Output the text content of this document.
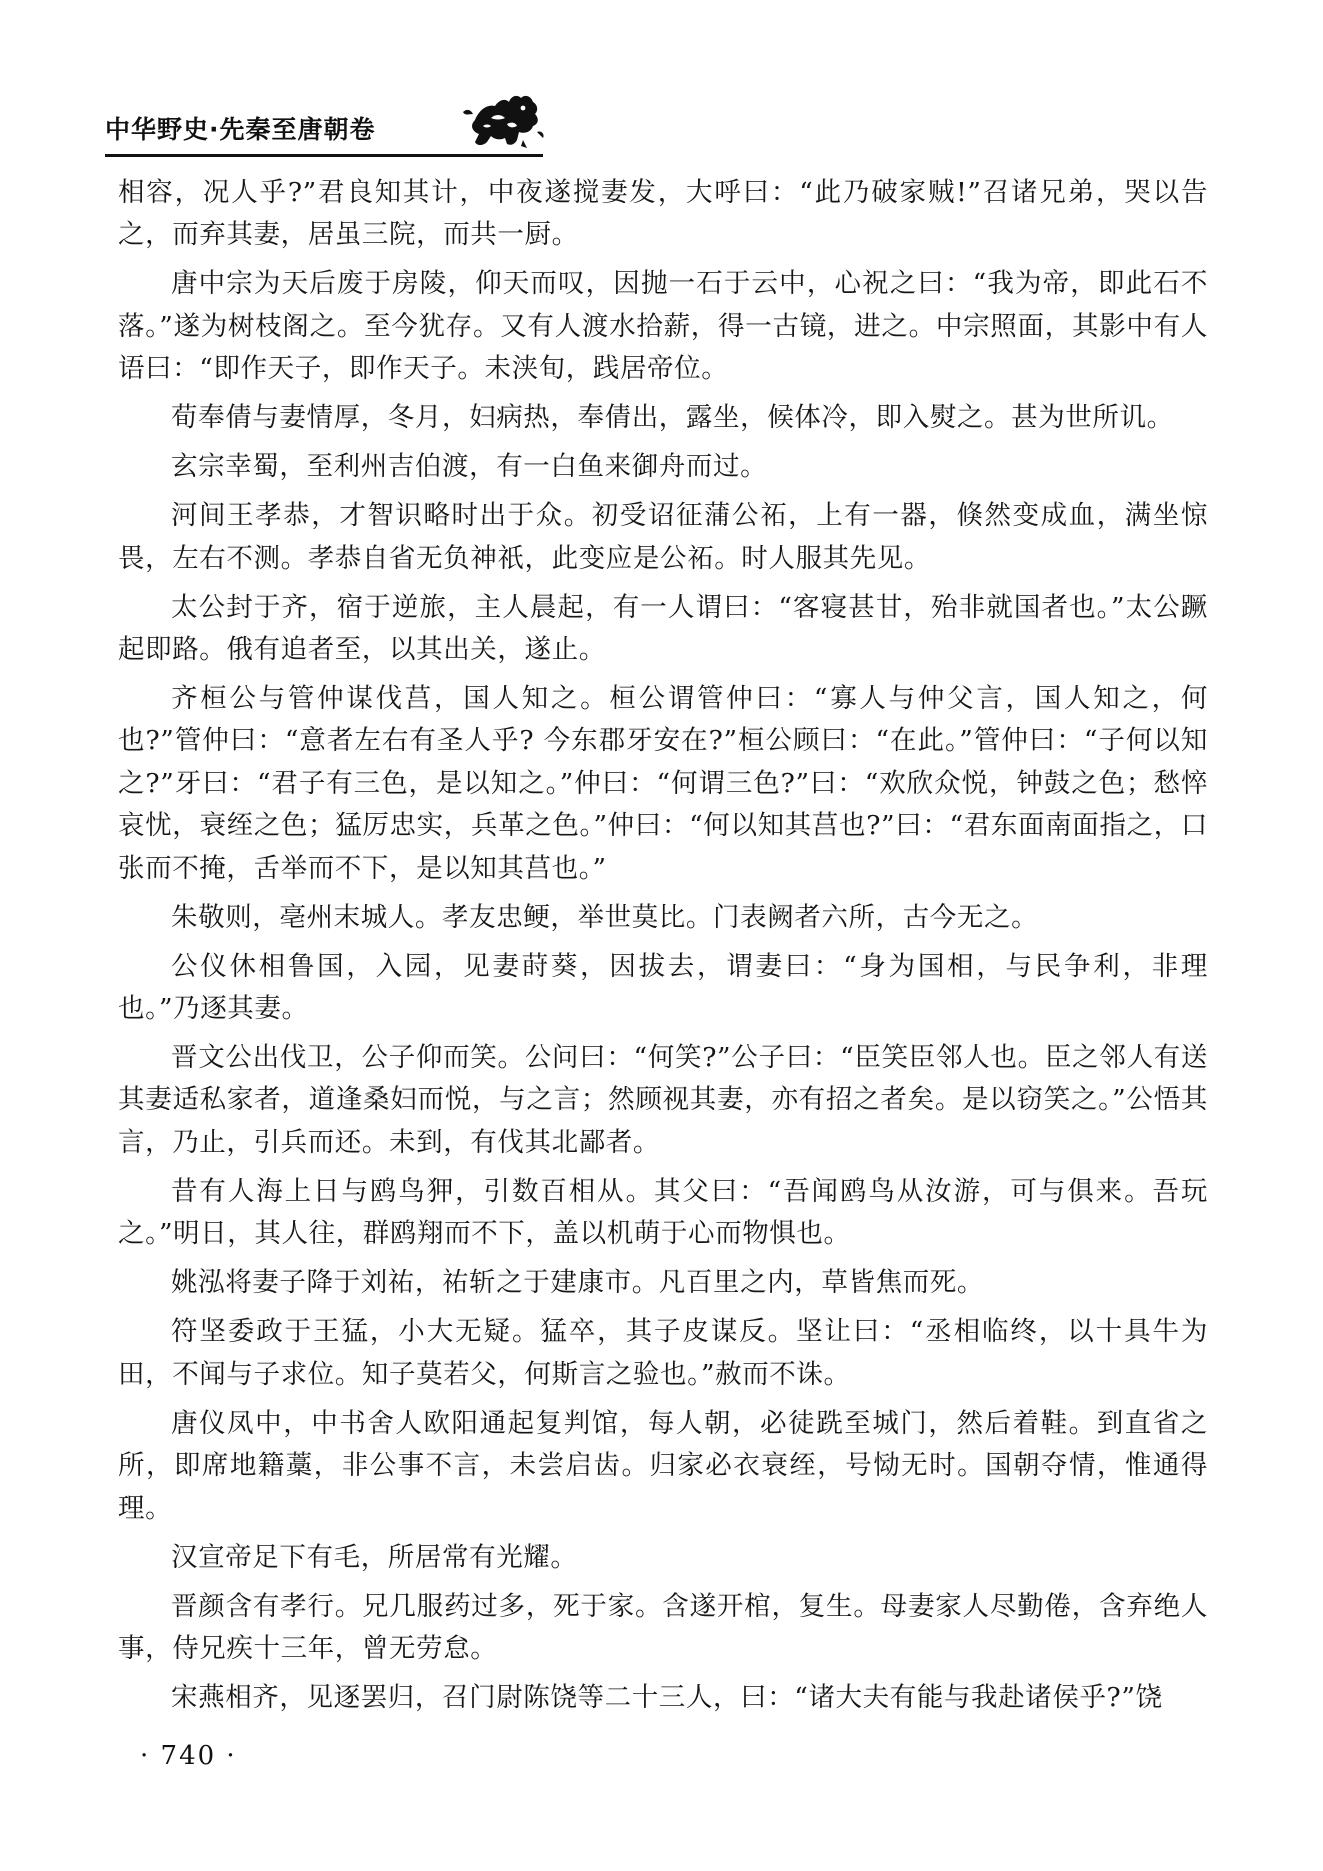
中华野史·先秦至唐朝卷

相容，况人乎?”君良知其计，中夜遂搅妻发，大呼曰：“此乃破家贼!”召诸兄弟，哭以告之，而弃其妻，居虽三院，而共一厨。

唐中宗为天后废于房陵，仰天而叹，因抛一石于云中，心祝之曰：“我为帝，即此石不落。”遂为树枝阁之。至今犹存。又有人渡水拾薪，得一古镜，进之。中宗照面，其影中有人语曰：“即作天子，即作天子。未浃旬，践居帝位。

荀奉倩与妻情厚，冬月，妇病热，奉倩出，露坐，候体冷，即入熨之。甚为世所讥。

玄宗幸蜀，至利州吉伯渡，有一白鱼来御舟而过。

河间王孝恭，才智识略时出于众。初受诏征蒲公祏，上有一器，倏然变成血，满坐惊畏，左右不测。孝恭自省无负神祇，此变应是公祏。时人服其先见。

太公封于齐，宿于逆旅，主人晨起，有一人谓曰：“客寝甚甘，殆非就国者也。”太公蹶起即路。俄有追者至，以其出关，遂止。

齐桓公与管仲谋伐莒，国人知之。桓公谓管仲曰：“寡人与仲父言，国人知之，何也?”管仲曰：“意者左右有圣人乎? 今东郡牙安在?”桓公顾曰：“在此。”管仲曰：“子何以知之?”牙曰：“君子有三色，是以知之。”仲曰：“何谓三色?”曰：“欢欣众悦，钟鼓之色；愁悴哀忧，衰绖之色；猛厉忠实，兵革之色。”仲曰：“何以知其莒也?”曰：“君东面南面指之，口张而不掩，舌举而不下，是以知其莒也。”

朱敬则，亳州末城人。孝友忠鲠，举世莫比。门表阙者六所，古今无之。

公仪休相鲁国，入园，见妻莳葵，因拔去，谓妻曰：“身为国相，与民争利，非理也。”乃逐其妻。

晋文公出伐卫，公子仰而笑。公问曰：“何笑?”公子曰：“臣笑臣邻人也。臣之邻人有送其妻适私家者，道逢桑妇而悦，与之言；然顾视其妻，亦有招之者矣。是以窃笑之。”公悟其言，乃止，引兵而还。未到，有伐其北鄙者。

昔有人海上日与鸥鸟狎，引数百相从。其父曰：“吾闻鸥鸟从汝游，可与俱来。吾玩之。”明日，其人往，群鸥翔而不下，盖以机萌于心而物惧也。

姚泓将妻子降于刘祐，祐斩之于建康市。凡百里之内，草皆焦而死。

符坚委政于王猛，小大无疑。猛卒，其子皮谋反。坚让曰：“丞相临终，以十具牛为田，不闻与子求位。知子莫若父，何斯言之验也。”赦而不诛。

唐仪凤中，中书舍人欧阳通起复判馆，每人朝，必徒跣至城门，然后着鞋。到直省之所，即席地籍藁，非公事不言，未尝启齿。归家必衣衰绖，号恸无时。国朝夺情，惟通得理。

汉宣帝足下有毛，所居常有光耀。

晋颜含有孝行。兄几服药过多，死于家。含遂开棺，复生。母妻家人尽勤倦，含弃绝人事，侍兄疾十三年，曾无劳怠。

宋燕相齐，见逐罢归，召门尉陈饶等二十三人，曰：“诸大夫有能与我赴诸侯乎?”饶

· 740 ·
